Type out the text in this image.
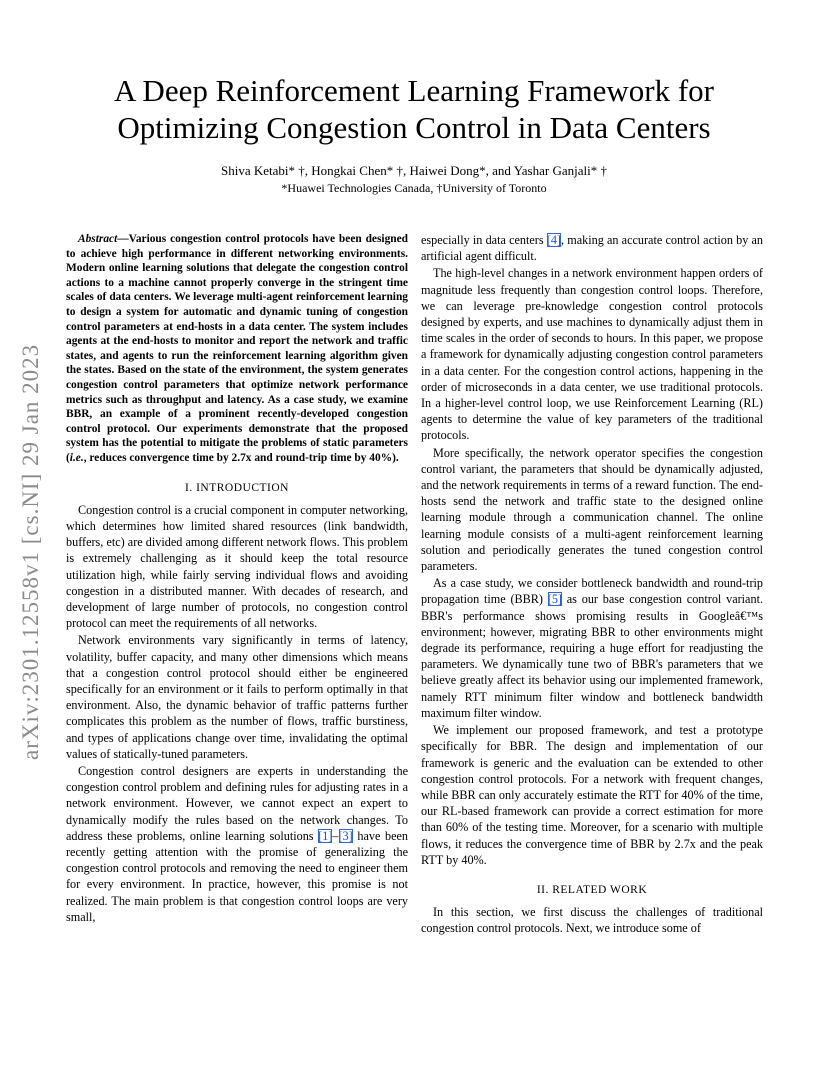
arXiv:2301.12558v1 [cs.NI] 29 Jan 2023
A Deep Reinforcement Learning Framework for
Optimizing Congestion Control in Data Centers
Shiva Ketabi* †, Hongkai Chen* †, Haiwei Dong*, and Yashar Ganjali* †
*Huawei Technologies Canada, †University of Toronto

Abstract—Various congestion control protocols have been designed to achieve high performance in different networking environments. Modern online learning solutions that delegate the congestion control actions to a machine cannot properly converge in the stringent time scales of data centers. We leverage multi-agent reinforcement learning to design a system for automatic and dynamic tuning of congestion control parameters at end-hosts in a data center. The system includes agents at the end-hosts to monitor and report the network and traffic states, and agents to run the reinforcement learning algorithm given the states. Based on the state of the environment, the system generates congestion control parameters that optimize network performance metrics such as throughput and latency. As a case study, we examine BBR, an example of a prominent recently-developed congestion control protocol. Our experiments demonstrate that the proposed system has the potential to mitigate the problems of static parameters (i.e., reduces convergence time by 2.7x and round-trip time by 40%).

I. INTRODUCTION

Congestion control is a crucial component in computer networking, which determines how limited shared resources (link bandwidth, buffers, etc) are divided among different network flows. This problem is extremely challenging as it should keep the total resource utilization high, while fairly serving individual flows and avoiding congestion in a distributed manner. With decades of research, and development of large number of protocols, no congestion control protocol can meet the requirements of all networks.

Network environments vary significantly in terms of latency, volatility, buffer capacity, and many other dimensions which means that a congestion control protocol should either be engineered specifically for an environment or it fails to perform optimally in that environment. Also, the dynamic behavior of traffic patterns further complicates this problem as the number of flows, traffic burstiness, and types of applications change over time, invalidating the optimal values of statically-tuned parameters.

Congestion control designers are experts in understanding the congestion control problem and defining rules for adjusting rates in a network environment. However, we cannot expect an expert to dynamically modify the rules based on the network changes. To address these problems, online learning solutions [1]–[3] have been recently getting attention with the promise of generalizing the congestion control protocols and removing the need to engineer them for every environment. In practice, however, this promise is not realized. The main problem is that congestion control loops are very small,

especially in data centers [4], making an accurate control action by an artificial agent difficult.

The high-level changes in a network environment happen orders of magnitude less frequently than congestion control loops. Therefore, we can leverage pre-knowledge congestion control protocols designed by experts, and use machines to dynamically adjust them in time scales in the order of seconds to hours. In this paper, we propose a framework for dynamically adjusting congestion control parameters in a data center. For the congestion control actions, happening in the order of microseconds in a data center, we use traditional protocols. In a higher-level control loop, we use Reinforcement Learning (RL) agents to determine the value of key parameters of the traditional protocols.

More specifically, the network operator specifies the congestion control variant, the parameters that should be dynamically adjusted, and the network requirements in terms of a reward function. The end-hosts send the network and traffic state to the designed online learning module through a communication channel. The online learning module consists of a multi-agent reinforcement learning solution and periodically generates the tuned congestion control parameters.

As a case study, we consider bottleneck bandwidth and round-trip propagation time (BBR) [5] as our base congestion control variant. BBR's performance shows promising results in Googleâ€™s environment; however, migrating BBR to other environments might degrade its performance, requiring a huge effort for readjusting the parameters. We dynamically tune two of BBR's parameters that we believe greatly affect its behavior using our implemented framework, namely RTT minimum filter window and bottleneck bandwidth maximum filter window.

We implement our proposed framework, and test a prototype specifically for BBR. The design and implementation of our framework is generic and the evaluation can be extended to other congestion control protocols. For a network with frequent changes, while BBR can only accurately estimate the RTT for 40% of the time, our RL-based framework can provide a correct estimation for more than 60% of the testing time. Moreover, for a scenario with multiple flows, it reduces the convergence time of BBR by 2.7x and the peak RTT by 40%.

II. RELATED WORK

In this section, we first discuss the challenges of traditional congestion control protocols. Next, we introduce some of
